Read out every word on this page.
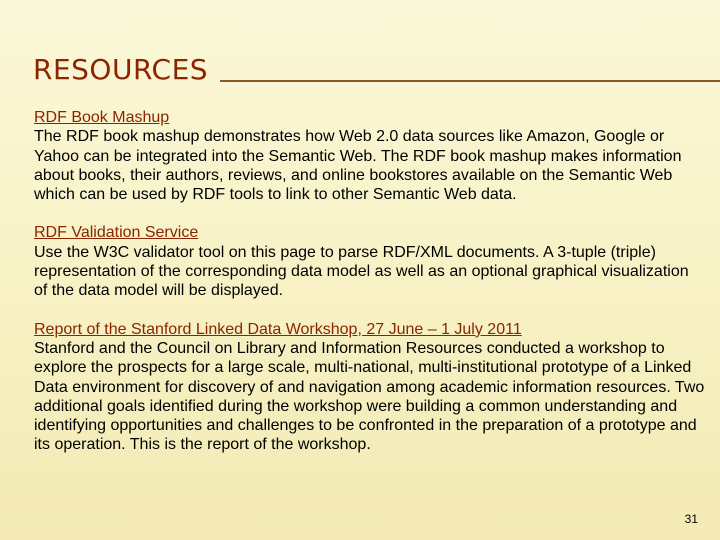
RESOURCES
RDF Book Mashup
The RDF book mashup demonstrates how Web 2.0 data sources like Amazon, Google or Yahoo can be integrated into the Semantic Web. The RDF book mashup makes information about books, their authors, reviews, and online bookstores available on the Semantic Web which can be used by RDF tools to link to other Semantic Web data.
RDF Validation Service
Use the W3C validator tool on this page to parse RDF/XML documents. A 3-tuple (triple) representation of the corresponding data model as well as an optional graphical visualization of the data model will be displayed.
Report of the Stanford Linked Data Workshop, 27 June – 1 July 2011
Stanford and the Council on Library and Information Resources conducted a workshop to explore the prospects for a large scale, multi-national, multi-institutional prototype of a Linked Data environment for discovery of and navigation among academic information resources. Two additional goals identified during the workshop were building a common understanding and identifying opportunities and challenges to be confronted in the preparation of a prototype and its operation. This is the report of the workshop.
31
